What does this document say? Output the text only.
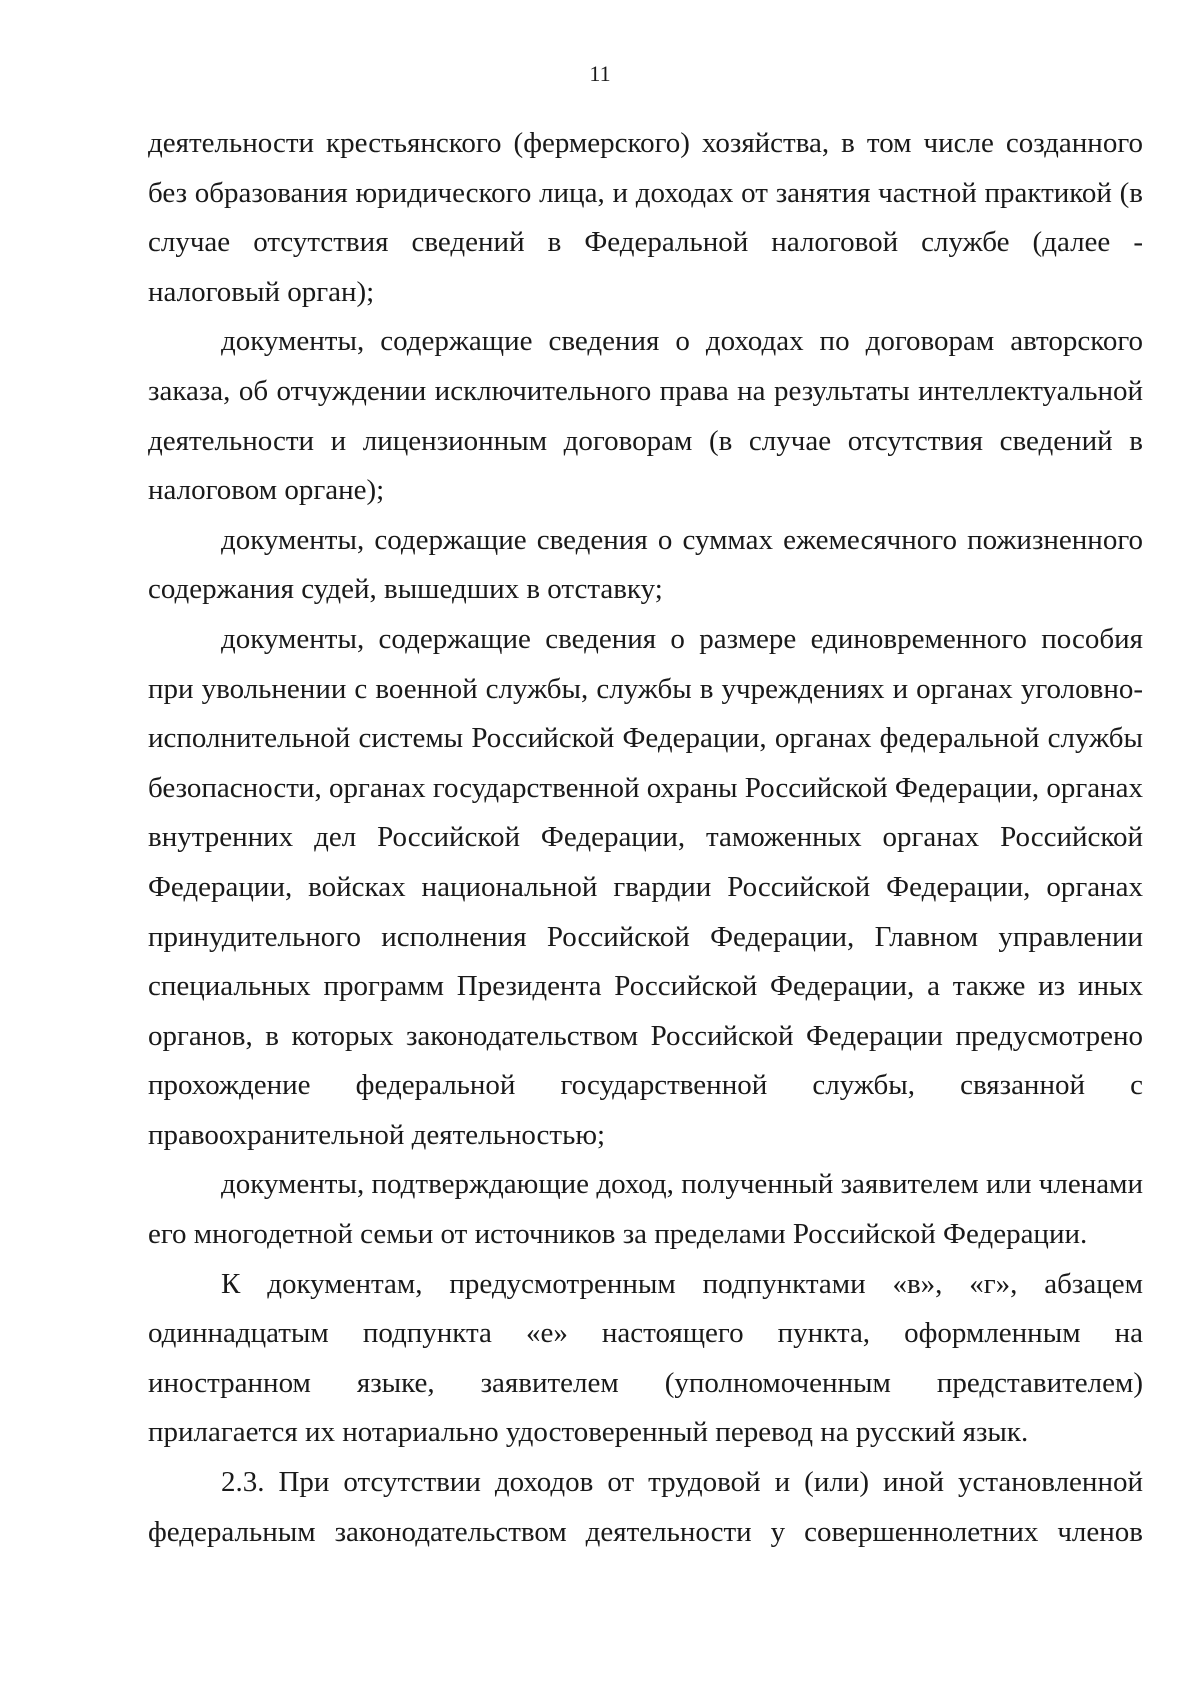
11

деятельности крестьянского (фермерского) хозяйства, в том числе созданного без образования юридического лица, и доходах от занятия частной практикой (в случае отсутствия сведений в Федеральной налоговой службе (далее - налоговый орган);

документы, содержащие сведения о доходах по договорам авторского заказа, об отчуждении исключительного права на результаты интеллектуальной деятельности и лицензионным договорам (в случае отсутствия сведений в налоговом органе);

документы, содержащие сведения о суммах ежемесячного пожизненного содержания судей, вышедших в отставку;

документы, содержащие сведения о размере единовременного пособия при увольнении с военной службы, службы в учреждениях и органах уголовно-исполнительной системы Российской Федерации, органах федеральной службы безопасности, органах государственной охраны Российской Федерации, органах внутренних дел Российской Федерации, таможенных органах Российской Федерации, войсках национальной гвардии Российской Федерации, органах принудительного исполнения Российской Федерации, Главном управлении специальных программ Президента Российской Федерации, а также из иных органов, в которых законодательством Российской Федерации предусмотрено прохождение федеральной государственной службы, связанной с правоохранительной деятельностью;

документы, подтверждающие доход, полученный заявителем или членами его многодетной семьи от источников за пределами Российской Федерации.

К документам, предусмотренным подпунктами «в», «г», абзацем одиннадцатым подпункта «е» настоящего пункта, оформленным на иностранном языке, заявителем (уполномоченным представителем) прилагается их нотариально удостоверенный перевод на русский язык.

2.3. При отсутствии доходов от трудовой и (или) иной установленной федеральным законодательством деятельности у совершеннолетних членов
